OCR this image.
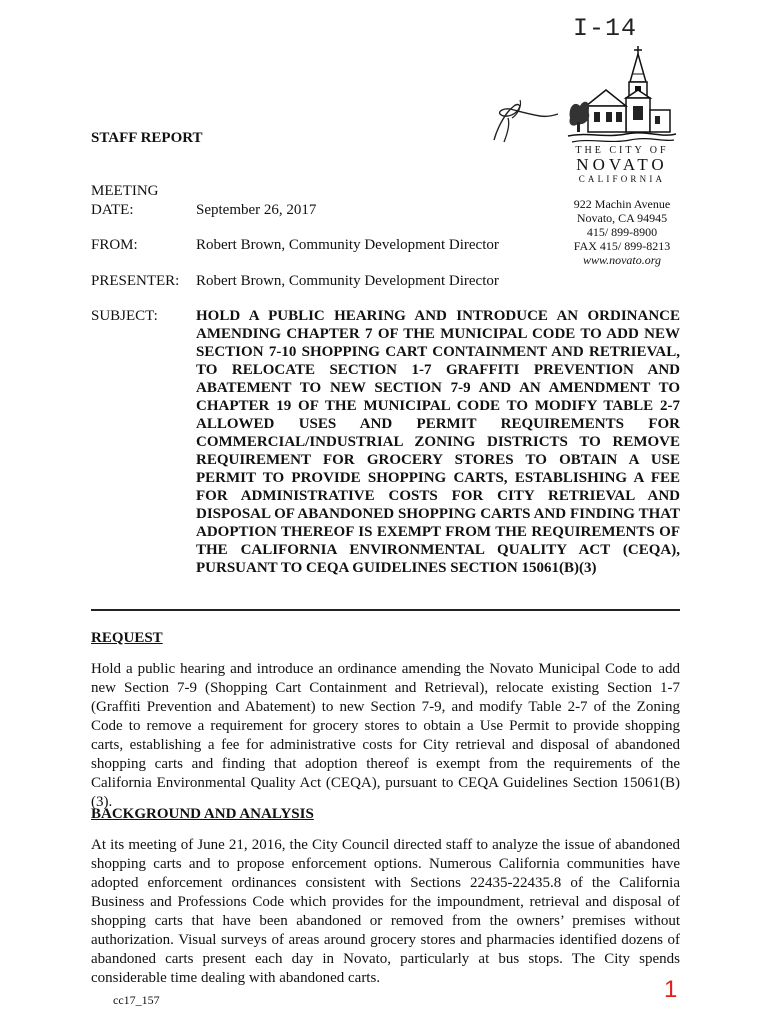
I-14
THE CITY OF
NOVATO
CALIFORNIA
922 Machin Avenue
Novato, CA 94945
415/ 899-8900
FAX 415/ 899-8213
www.novato.org
STAFF REPORT
MEETING
DATE:	September 26, 2017
FROM:	Robert Brown, Community Development Director
PRESENTER: Robert Brown, Community Development Director
SUBJECT:	HOLD A PUBLIC HEARING AND INTRODUCE AN ORDINANCE AMENDING CHAPTER 7 OF THE MUNICIPAL CODE TO ADD NEW SECTION 7-10 SHOPPING CART CONTAINMENT AND RETRIEVAL, TO RELOCATE SECTION 1-7 GRAFFITI PREVENTION AND ABATEMENT TO NEW SECTION 7-9 AND AN AMENDMENT TO CHAPTER 19 OF THE MUNICIPAL CODE TO MODIFY TABLE 2-7 ALLOWED USES AND PERMIT REQUIREMENTS FOR COMMERCIAL/INDUSTRIAL ZONING DISTRICTS TO REMOVE REQUIREMENT FOR GROCERY STORES TO OBTAIN A USE PERMIT TO PROVIDE SHOPPING CARTS, ESTABLISHING A FEE FOR ADMINISTRATIVE COSTS FOR CITY RETRIEVAL AND DISPOSAL OF ABANDONED SHOPPING CARTS AND FINDING THAT ADOPTION THEREOF IS EXEMPT FROM THE REQUIREMENTS OF THE CALIFORNIA ENVIRONMENTAL QUALITY ACT (CEQA), PURSUANT TO CEQA GUIDELINES SECTION 15061(B)(3)
REQUEST
Hold a public hearing and introduce an ordinance amending the Novato Municipal Code to add new Section 7-9 (Shopping Cart Containment and Retrieval), relocate existing Section 1-7 (Graffiti Prevention and Abatement) to new Section 7-9, and modify Table 2-7 of the Zoning Code to remove a requirement for grocery stores to obtain a Use Permit to provide shopping carts, establishing a fee for administrative costs for City retrieval and disposal of abandoned shopping carts and finding that adoption thereof is exempt from the requirements of the California Environmental Quality Act (CEQA), pursuant to CEQA Guidelines Section 15061(B)(3).
BACKGROUND AND ANALYSIS
At its meeting of June 21, 2016, the City Council directed staff to analyze the issue of abandoned shopping carts and to propose enforcement options. Numerous California communities have adopted enforcement ordinances consistent with Sections 22435-22435.8 of the California Business and Professions Code which provides for the impoundment, retrieval and disposal of shopping carts that have been abandoned or removed from the owners’ premises without authorization. Visual surveys of areas around grocery stores and pharmacies identified dozens of abandoned carts present each day in Novato, particularly at bus stops. The City spends considerable time dealing with abandoned carts.
cc17_157	1
